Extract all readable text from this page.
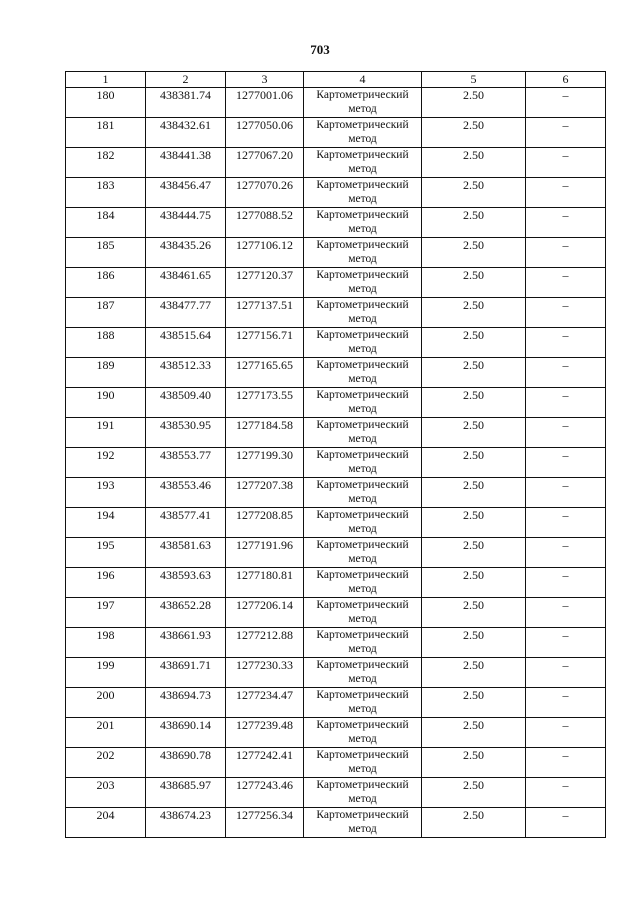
703
1	2	3	4	5	6
180	438381.74	1277001.06	Картометрический метод	2.50	–
181	438432.61	1277050.06	Картометрический метод	2.50	–
182	438441.38	1277067.20	Картометрический метод	2.50	–
183	438456.47	1277070.26	Картометрический метод	2.50	–
184	438444.75	1277088.52	Картометрический метод	2.50	–
185	438435.26	1277106.12	Картометрический метод	2.50	–
186	438461.65	1277120.37	Картометрический метод	2.50	–
187	438477.77	1277137.51	Картометрический метод	2.50	–
188	438515.64	1277156.71	Картометрический метод	2.50	–
189	438512.33	1277165.65	Картометрический метод	2.50	–
190	438509.40	1277173.55	Картометрический метод	2.50	–
191	438530.95	1277184.58	Картометрический метод	2.50	–
192	438553.77	1277199.30	Картометрический метод	2.50	–
193	438553.46	1277207.38	Картометрический метод	2.50	–
194	438577.41	1277208.85	Картометрический метод	2.50	–
195	438581.63	1277191.96	Картометрический метод	2.50	–
196	438593.63	1277180.81	Картометрический метод	2.50	–
197	438652.28	1277206.14	Картометрический метод	2.50	–
198	438661.93	1277212.88	Картометрический метод	2.50	–
199	438691.71	1277230.33	Картометрический метод	2.50	–
200	438694.73	1277234.47	Картометрический метод	2.50	–
201	438690.14	1277239.48	Картометрический метод	2.50	–
202	438690.78	1277242.41	Картометрический метод	2.50	–
203	438685.97	1277243.46	Картометрический метод	2.50	–
204	438674.23	1277256.34	Картометрический метод	2.50	–
